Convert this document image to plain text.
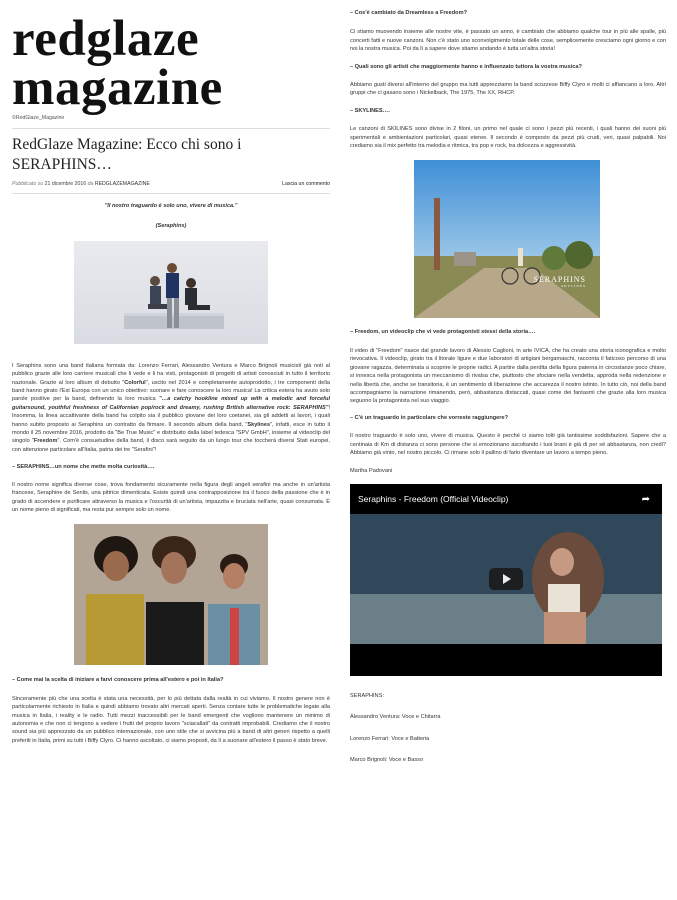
redglaze
magazine
©RedGlaze_Magazine
RedGlaze Magazine: Ecco chi sono i SERAPHINS…
Pubblicato su 21 dicembre 2016 da REDGLAZEMAGAZINE	Lascia un commento

"Il nostro traguardo è solo uno, vivere di musica."

(Seraphins)

I Seraphins sono una band italiana formata da: Lorenzo Ferrari, Alessandro Ventura e Marco Brignoli musicisti già noti al pubblico grazie alle loro carriere musicali che li vede e li ha visti, protagonisti di progetti di artisti conosciuti in tutto il territorio nazionale. Grazie al loro album di debutto "Colorful", uscito nel 2014 e completamente autoprodotto, i tre componenti della band hanno girato l'Est Europa con un unico obiettivo: suonare e fare conoscere la loro musica! La critica estera ha avuto solo parole positive per la band, definendo la loro musica "…a catchy hookline mixed up with a melodic and forceful guitarsound, youthful freshness of Californian pop/rock and dreamy, rushing British alternative rock: SERAPHINS"! Insomma, la linea accattivante della band ha colpito sia il pubblico giovane dei loro coetanei, sia gli addetti ai lavori, i quali hanno subito proposto ai Seraphins un contratto da firmare. Il secondo album della band, "Skylines", infatti, esce in tutto il mondo il 25 novembre 2016, prodotto da "Be True Music" e distribuito dalla label tedesca "SPV GmbH", insieme al videoclip del singolo "Freedom". Com'è consuetudine della band, il disco sarà seguito da un lungo tour che toccherà diversi Stati europei, con attenzione particolare all'Italia, patria dei tre "Serafini"!

– SERAPHINS…un nome che mette molta curiosità….

Il nostro nome significa diverse cose, trova fondamento sicuramente nella figura degli angeli serafini ma anche in un'artista francese, Seraphine de Senlis, una pittrice dimenticata. Esiste quindi una contrapposizione tra il fuoco della passione che è in grado di accendere e purificare attraverso la musica e l'oscurità di un'artista, impazzita e bruciata nell'arte, quasi consumata. È un nome pieno di significati, ma resta pur sempre solo un nome.

– Come mai la scelta di iniziare a farvi conoscere prima all'estero e poi in Italia?

Sinceramente più che una scelta è stata una necessità, per lo più dettata dalla realtà in cui viviamo. Il nostro genere non è particolarmente richiesto in Italia e quindi abbiamo trovato altri mercati aperti. Senza contare tutte le problematiche legate alla musica in Italia, i reality e le radio. Tutti mezzi inaccessibili per le band emergenti che vogliono mantenere un minimo di autonomia e che non ci tengono a vedere i frutti del proprio lavoro "sciacallati" da contratti improbabili. Crediamo che il nostro sound sia più apprezzato da un pubblico internazionale, con uno stile che si avvicina più a band di altri generi rispetto a quelli preferiti in Italia, primi su tutti i Biffy Clyro. Ci hanno ascoltato, ci siamo proposti, da lì a suonare all'estero il passo è stato breve.

– Cos'è cambiato da Dreamless a Freedom?

Ci stiamo muovendo insieme alle nostre vite, è passato un anno, è cambiato che abbiamo qualche tour in più alle spalle, più concerti fatti e nuove canzoni. Non c'è stato uno sconvolgimento totale delle cose, semplicemente cresciamo ogni giorno e con noi la nostra musica. Poi da lì a sapere dove stiamo andando è tutta un'altra storia!

– Quali sono gli artisti che maggiormente hanno e influenzato tuttora la vostra musica?

Abbiamo gusti diversi all'interno del gruppo ma tutti apprezziamo la band scozzese Biffy Clyro e molti ci affiancano a loro. Altri gruppi che ci gasano sono i Nickelback, The 1975, The XX, RHCP.

– SKYLINES….

Le canzoni di SKILINES sono divise in 2 filoni, un primo nel quale ci sono i pezzi più recenti, i quali hanno dei suoni più sperimentali e ambientazioni particolari, quasi eteree. Il secondo è composto da pezzi più crudi, veri, quasi palpabili. Noi crediamo sia il mix perfetto tra melodia e ritmica, tra pop e rock, tra dolcezza e aggressività.

SERAPHINS
SKYLINES

– Freedom, un videoclip che vi vede protagonisti stessi della storia….

Il video di "Freedom" nasce dal grande lavoro di Alessio Caglioni, in arte IVICA, che ha creato una storia iconografica e molto rievocativa. Il videoclip, girato tra il litorale ligure e due laboratori di artigiani bergamaschi, racconta il faticoso percorso di una giovane ragazza, determinata a scoprire le proprie radici. A partire dalla perdita della figura paterna in circostanze poco chiare, si innesca nella protagonista un meccanismo di rivalsa che, piuttosto che sfociare nella vendetta, approda nella redenzione e nella libertà che, anche se transitoria, è un sentimento di liberazione che accarezza il nostro istinto. In tutto ciò, noi della band accompagniamo la narrazione rimanendo, però, abbastanza distaccati, quasi come dei fantasmi che grazie alla loro musica seguono la protagonista nel suo viaggio.

– C'è un traguardo in particolare che vorreste raggiungere?

Il nostro traguardo è solo uno, vivere di musica. Questo è perché ci siamo tolti già tantissime soddisfazioni. Sapere che a centinaia di Km di distanza ci sono persone che si emozionano ascoltando i tuoi brani è già di per sé abbastanza, non credi? Abbiamo già vinto, nel nostro piccolo. Ci rimane solo il pallino di farlo diventare un lavoro a tempo pieno.

Martha Padovani

Seraphins - Freedom (Official Videoclip)	➦

SERAPHINS:

Alessandro Ventura: Voce e Chitarra

Lorenzo Ferrari: Voce e Batteria

Marco Brignoli: Voce e Basso
